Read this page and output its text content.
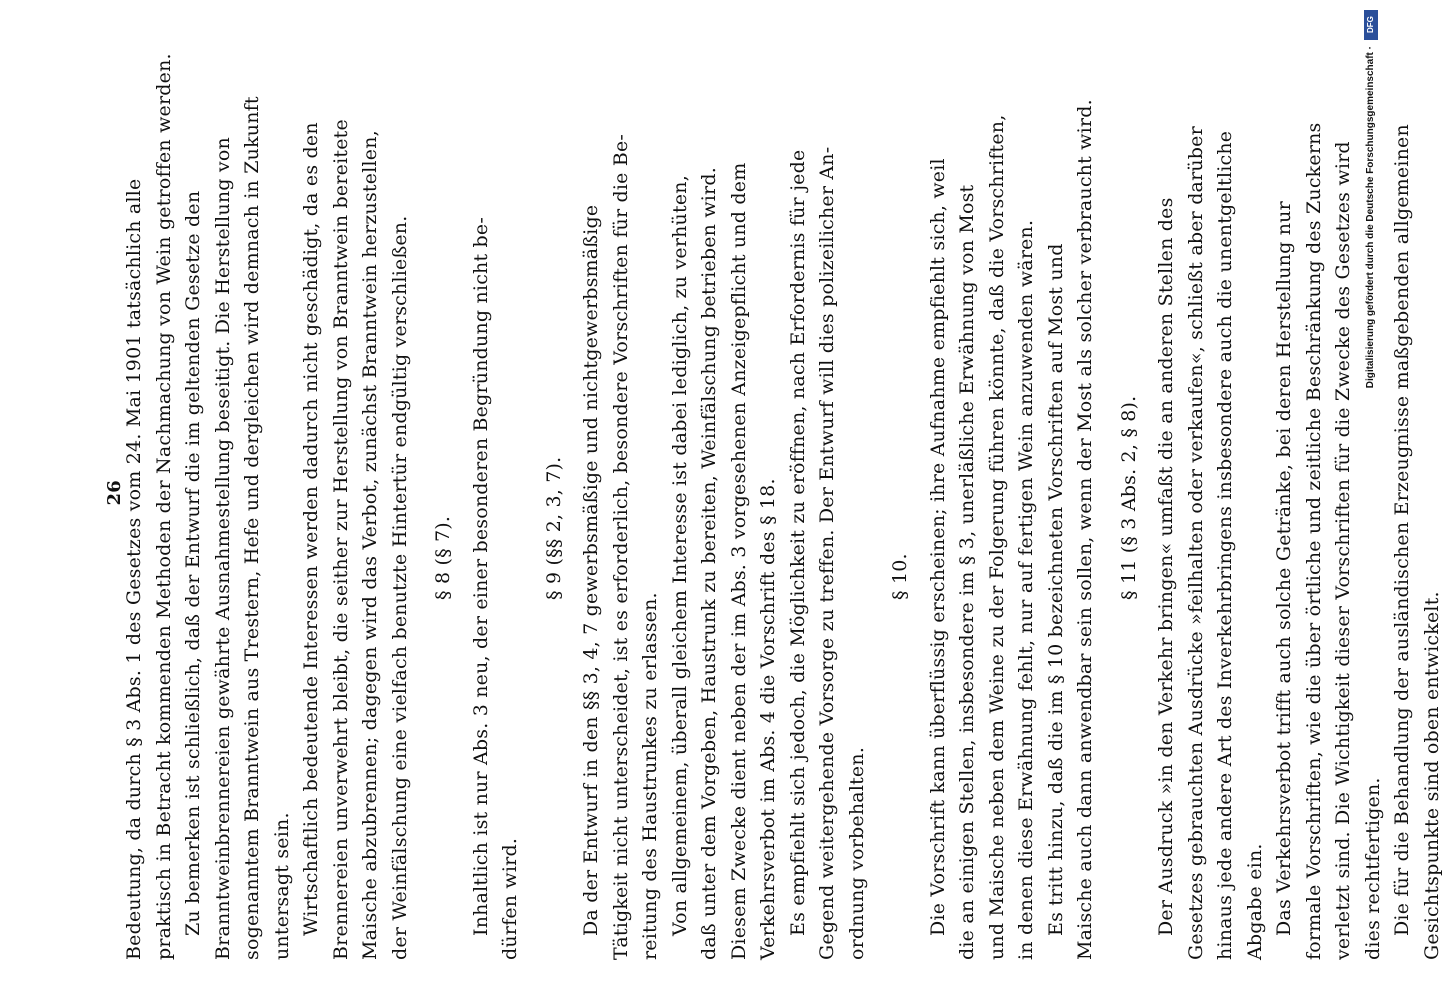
26
Bedeutung, da durch § 3 Abs. 1 des Gesetzes vom 24. Mai 1901 tatsächlich alle praktisch in Betracht kommenden Methoden der Nachmachung von Wein getroffen werden. Zu bemerken ist schließlich, daß der Entwurf die im geltenden Gesetze den Branntweinbrennereien gewährte Ausnahmestellung beseitigt. Die Herstellung von sogenanntem Branntwein aus Trestern, Hefe und dergleichen wird demnach in Zukunft untersagt sein. Wirtschaftlich bedeutende Interessen werden dadurch nicht geschädigt, da es den Brennereien unverwehrt bleibt, die seither zur Herstellung von Branntwein bereitete Maische abzubrennen; dagegen wird das Verbot, zunächst Branntwein herzustellen, der Weinfälschung eine vielfach benutzte Hintertür endgültig verschließen. § 8 (§ 7). Inhaltlich ist nur Abs. 3 neu, der einer besonderen Begründung nicht be- dürfen wird.
§ 9 (§§ 2, 3, 7). Da der Entwurf in den §§ 3, 4, 7 gewerbsmäßige und nichtgewerbsmäßige Tätigkeit nicht unterscheidet, ist es erforderlich, besondere Vorschriften für die Be- reitung des Haustrunkes zu erlassen. Von allgemeinem, überall gleichem Interesse ist dabei lediglich, zu verhüten, daß unter dem Vorgeben, Haustrunk zu bereiten, Weinfälschung betrieben wird. Diesem Zwecke dient neben der im Abs. 3 vorgesehenen Anzeigepflicht und dem Verkehrsverbot im Abs. 4 die Vorschrift des § 18. Es empfiehlt sich jedoch, die Möglichkeit zu eröffnen, nach Erfordernis für jede Gegend weitergehende Vorsorge zu treffen. Der Entwurf will dies polizeilicher An- ordnung vorbehalten.
§ 10. Die Vorschrift kann überflüssig erscheinen; ihre Aufnahme empfiehlt sich, weil die an einigen Stellen, insbesondere im § 3, unerläßliche Erwähnung von Most und Maische neben dem Weine zu der Folgerung führen könnte, daß die Vorschriften, in denen diese Erwähnung fehlt, nur auf fertigen Wein anzuwenden wären. Es tritt hinzu, daß die im § 10 bezeichneten Vorschriften auf Most und Maische auch dann anwendbar sein sollen, wenn der Most als solcher verbraucht wird. § 11 (§ 3 Abs. 2, § 8). Der Ausdruck »in den Verkehr bringen« umfaßt die an anderen Stellen des Gesetzes gebrauchten Ausdrücke »feilhalten oder verkaufen«, schließt aber darüber hinaus jede andere Art des Inverkehrbringens insbesondere auch die unentgeltliche Abgabe ein. Das Verkehrsverbot trifft auch solche Getränke, bei deren Herstellung nur formale Vorschriften, wie die über örtliche und zeitliche Beschränkung des Zuckerns verletzt sind. Die Wichtigkeit dieser Vorschriften für die Zwecke des Gesetzes wird dies rechtfertigen. Die für die Behandlung der ausländischen Erzeugnisse maßgebenden allgemeinen Gesichtspunkte sind oben entwickelt.
DFG
Digitalisierung gefördert durch die Deutsche Forschungsgemeinschaft ·
